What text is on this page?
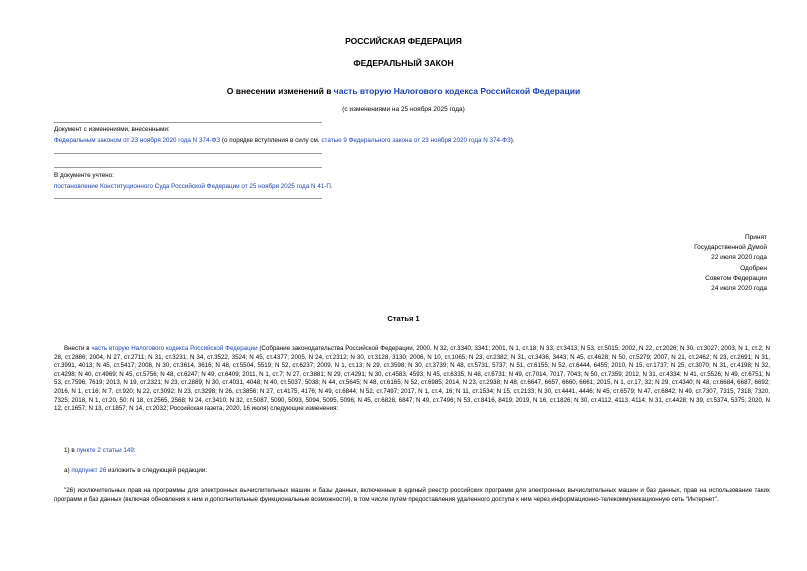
РОССИЙСКАЯ ФЕДЕРАЦИЯ
ФЕДЕРАЛЬНЫЙ ЗАКОН
О внесении изменений в часть вторую Налогового кодекса Российской Федерации
(с изменениями на 25 ноября 2025 года)
Документ с изменениями, внесенными:
Федеральным законом от 23 ноября 2020 года N 374-ФЗ (о порядке вступления в силу см. статью 9 Федерального закона от 23 ноября 2020 года N 374-ФЗ).
В документе учтено:
постановление Конституционного Суда Российской Федерации от 25 ноября 2025 года N 41-П.
Принят
Государственной Думой
22 июля 2020 года
Одобрен
Советом Федерации
24 июля 2020 года
Статья 1
Внести в часть вторую Налогового кодекса Российской Федерации (Собрание законодательства Российской Федерации, 2000, N 32, ст.3340, 3341; 2001, N 1, ст.18; N 33, ст.3413; N 53, ст.5015; 2002, N 22, ст.2026; N 30, ст.3027; 2003, N 1, ст.2; N 28, ст.2886; 2004, N 27, ст.2711; N 31, ст.3231; N 34, ст.3522, 3524; N 45, ст.4377; 2005, N 24, ст.2312; N 30, ст.3128, 3130; 2006, N 10, ст.1065; N 23, ст.2382; N 31, ст.3436, 3443; N 45, ст.4628; N 50, ст.5279; 2007, N 21, ст.2462; N 23, ст.2691; N 31, ст.3991, 4013; N 45, ст.5417; 2008, N 30, ст.3614, 3616; N 48, ст.5504, 5519; N 52, ст.6237; 2009, N 1, ст.13; N 29, ст.3598; N 30, ст.3739; N 48, ст.5731, 5737; N 51, ст.6155; N 52, ст.6444, 6455; 2010, N 15, ст.1737; N 25, ст.3070; N 31, ст.4198; N 32, ст.4298; N 40, ст.4969; N 45, ст.5756; N 48, ст.6247; N 49, ст.6409; 2011, N 1, ст.7; N 27, ст.3881; N 29, ст.4291; N 30, ст.4583, 4593; N 45, ст.6335; N 48, ст.6731; N 49, ст.7014, 7017, 7043; N 50, ст.7359; 2012, N 31, ст.4334; N 41, ст.5526; N 49, ст.6751; N 53, ст.7596, 7619; 2013, N 19, ст.2321; N 23, ст.2889; N 30, ст.4031, 4048; N 40, ст.5037, 5038; N 44, ст.5645; N 48, ст.6165; N 52, ст.6985; 2014, N 23, ст.2938; N 48, ст.6647, 6657, 6660, 6661; 2015, N 1, ст.17, 32; N 29, ст.4340; N 48, ст.6684, 6687, 6692; 2016, N 1, ст.16; N 7, ст.920; N 22, ст.3092; N 23, ст.3298; N 26, ст.3856; N 27, ст.4175, 4176; N 49, ст.6844; N 52, ст.7497; 2017, N 1, ст.4, 16; N 11, ст.1534; N 15, ст.2133; N 30, ст.4441, 4446; N 45, ст.6579; N 47, ст.6842; N 49, ст.7307, 7315, 7318, 7320, 7325; 2018, N 1, ст.20, 50; N 18, ст.2565, 2568; N 24, ст.3410; N 32, ст.5087, 5090, 5093, 5094, 5095, 5096; N 45, ст.6828, 6847; N 49, ст.7496; N 53, ст.8416, 8419; 2019, N 16, ст.1826; N 30, ст.4112, 4113, 4114; N 31, ст.4428; N 39, ст.5374, 5375; 2020, N 12, ст.1657; N 13, ст.1857; N 14, ст.2032; Российская газета, 2020, 16 июля) следующие изменения:
1) в пункте 2 статьи 149:
а) подпункт 26 изложить в следующей редакции:
"26) исключительных прав на программы для электронных вычислительных машин и базы данных, включенные в единый реестр российских программ для электронных вычислительных машин и баз данных, прав на использование таких программ и баз данных (включая обновления к ним и дополнительные функциональные возможности), в том числе путем предоставления удаленного доступа к ним через информационно-телекоммуникационную сеть "Интернет".
